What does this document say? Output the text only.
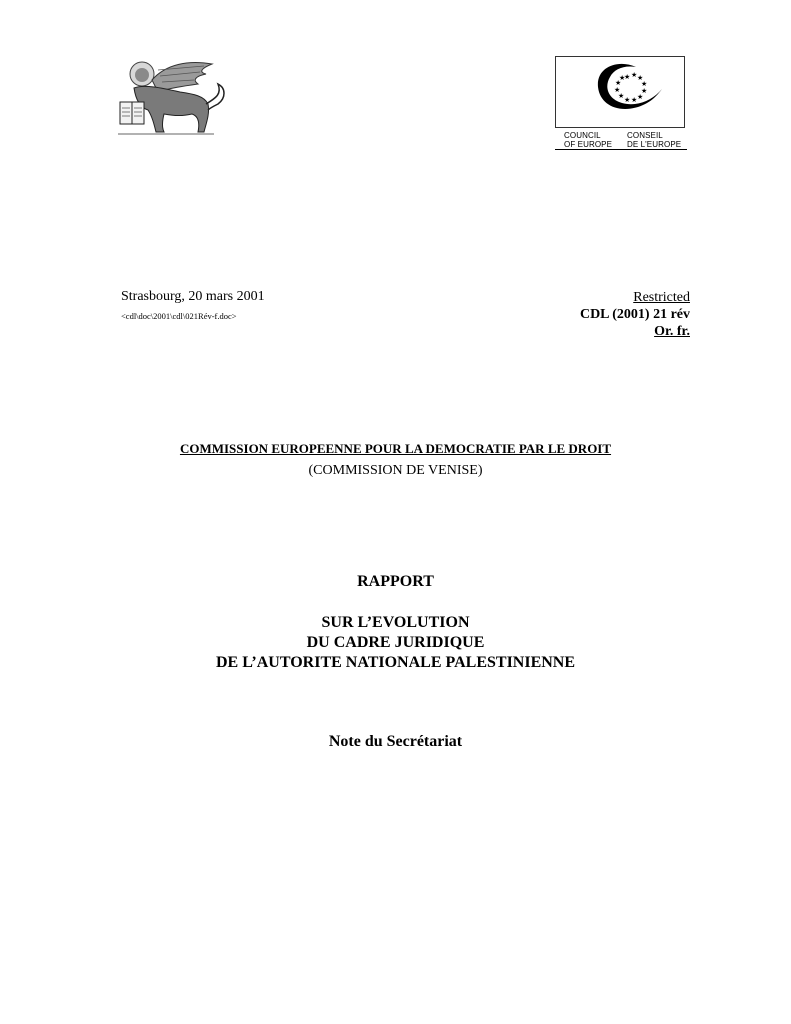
★ ★ ★
★
★
★
★
★
★
★
★
★
COUNCIL
OF EUROPE
CONSEIL
DE L'EUROPE
Strasbourg, 20 mars 2001
<cdl\doc\2001\cdl\021Rév-f.doc>
Restricted
CDL (2001) 21 rév
Or. fr.
COMMISSION EUROPEENNE POUR LA DEMOCRATIE PAR LE DROIT
(COMMISSION DE VENISE)
RAPPORT
SUR L’EVOLUTION
DU CADRE JURIDIQUE
DE L’AUTORITE NATIONALE PALESTINIENNE
Note du Secrétariat
